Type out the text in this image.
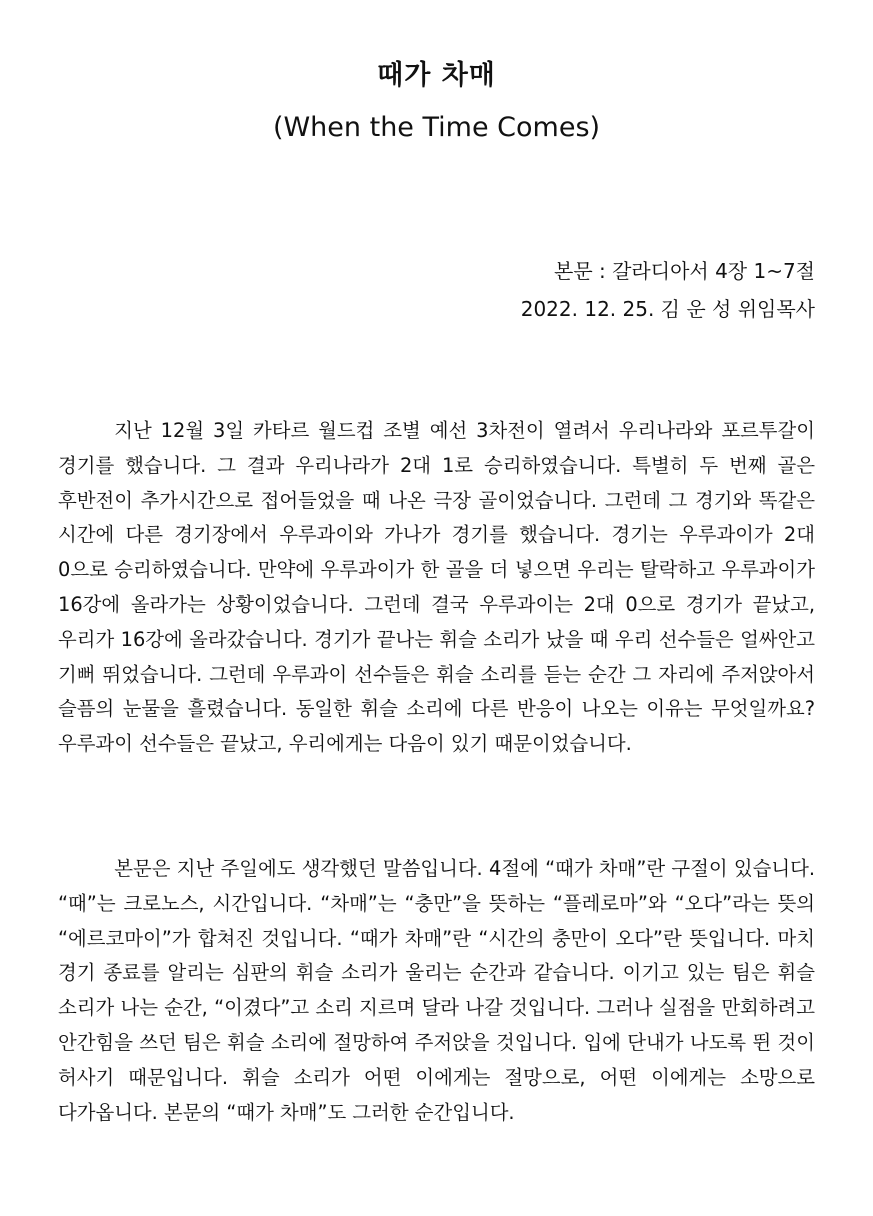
때가 차매
(When the Time Comes)
본문 : 갈라디아서 4장 1~7절
2022. 12. 25. 김 운 성 위임목사

지난 12월 3일 카타르 월드컵 조별 예선 3차전이 열려서 우리나라와 포르투갈이 경기를 했습니다. 그 결과 우리나라가 2대 1로 승리하였습니다. 특별히 두 번째 골은 후반전이 추가시간으로 접어들었을 때 나온 극장 골이었습니다. 그런데 그 경기와 똑같은 시간에 다른 경기장에서 우루과이와 가나가 경기를 했습니다. 경기는 우루과이가 2대 0으로 승리하였습니다. 만약에 우루과이가 한 골을 더 넣으면 우리는 탈락하고 우루과이가 16강에 올라가는 상황이었습니다. 그런데 결국 우루과이는 2대 0으로 경기가 끝났고, 우리가 16강에 올라갔습니다. 경기가 끝나는 휘슬 소리가 났을 때 우리 선수들은 얼싸안고 기뻐 뛰었습니다. 그런데 우루과이 선수들은 휘슬 소리를 듣는 순간 그 자리에 주저앉아서 슬픔의 눈물을 흘렸습니다. 동일한 휘슬 소리에 다른 반응이 나오는 이유는 무엇일까요? 우루과이 선수들은 끝났고, 우리에게는 다음이 있기 때문이었습니다.

본문은 지난 주일에도 생각했던 말씀입니다. 4절에 “때가 차매”란 구절이 있습니다. “때”는 크로노스, 시간입니다. “차매”는 “충만”을 뜻하는 “플레로마”와 “오다”라는 뜻의 “에르코마이”가 합쳐진 것입니다. “때가 차매”란 “시간의 충만이 오다”란 뜻입니다. 마치 경기 종료를 알리는 심판의 휘슬 소리가 울리는 순간과 같습니다. 이기고 있는 팀은 휘슬 소리가 나는 순간, “이겼다”고 소리 지르며 달라 나갈 것입니다. 그러나 실점을 만회하려고 안간힘을 쓰던 팀은 휘슬 소리에 절망하여 주저앉을 것입니다. 입에 단내가 나도록 뛴 것이 허사기 때문입니다. 휘슬 소리가 어떤 이에게는 절망으로, 어떤 이에게는 소망으로 다가옵니다. 본문의 “때가 차매”도 그러한 순간입니다.
